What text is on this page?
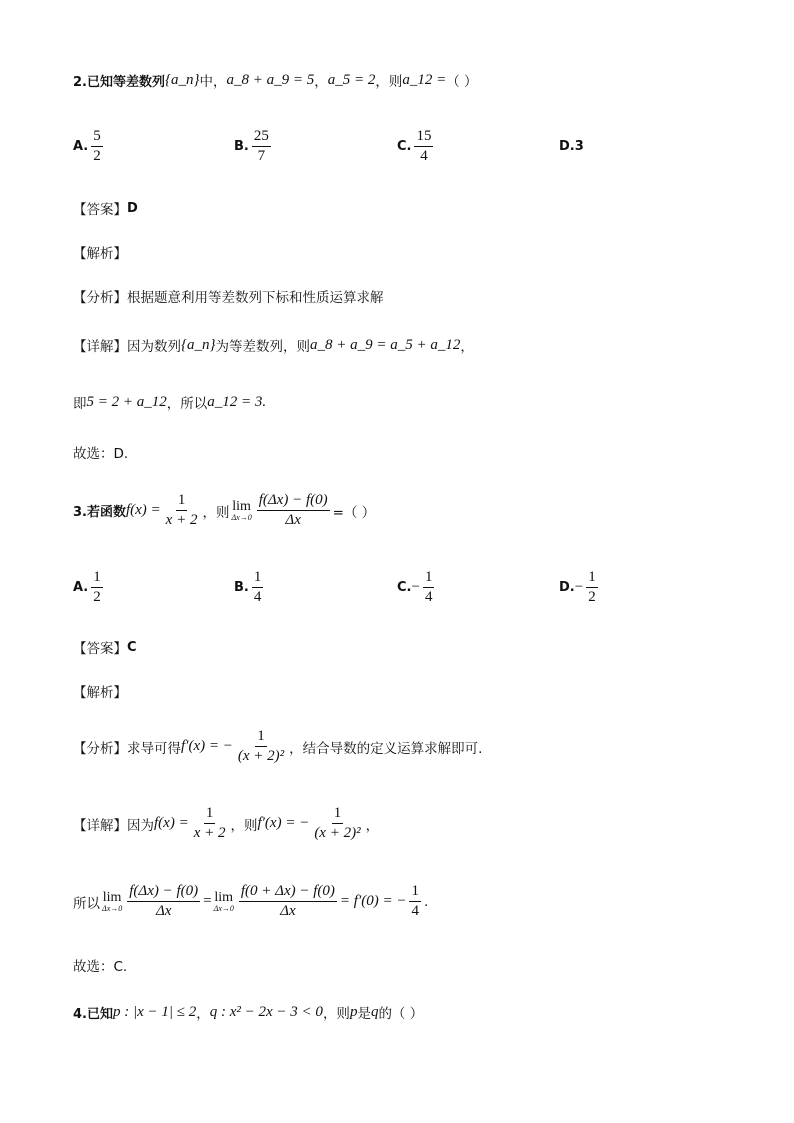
2.已知等差数列 {a_n} 中， a_8 + a_9 = 5 ， a_5 = 2 ，则 a_12 = （ ）
A. $\frac{5}{2}$	B. $\frac{25}{7}$	C. $\frac{15}{4}$	D. 3
【答案】 D
【解析】
【分析】 根据题意利用等差数列下标和性质运算求解
【详解】 因为数列 {a_n} 为等差数列，则 a_8 + a_9 = a_5 + a_12 ，
即 5 = 2 + a_12 ，所以 a_12 = 3.
故选：D.
3.若函数 $f(x) = \frac{1}{x + 2}$ ，则 lim
$\Delta x\to 0 \frac{f(\Delta x) - f(0)}{\Delta x}$ =（ ）
A. $\frac{1}{2}$	B. $\frac{1}{4}$	C. − $\frac{1}{4}$	D. − $\frac{1}{2}$
【答案】 C
【解析】
【分析】 求导可得 f′(x) = − $\frac{1}{\text{(x + 2)²}}$ ，结合导数的定义运算求解即可.
【详解】 因为 $f(x) = \frac{1}{x + 2}$ ，则 f′(x) = − $\frac{1}{\text{(x + 2)²}}$ ，
所以 lim
$\Delta x\to 0 \frac{f(\Delta x) - f(0)}{\Delta x} = \lim$
$\Delta x\to 0 \frac{f(0 + \Delta x) - f(0)}{\Delta x} = f'(0)$ = − $\frac{1}{4}$ .
故选：C.
4.已知 p : |x − 1| ≤ 2 ， q : x² − 2x − 3 < 0 ，则 p 是 q 的（ ）
